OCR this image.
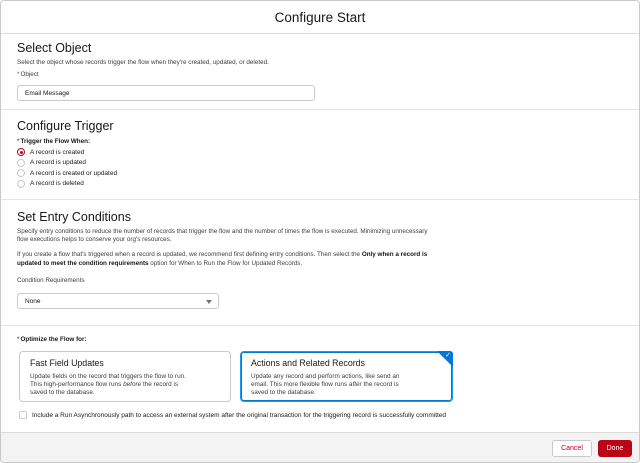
Configure Start
Select Object
Select the object whose records trigger the flow when they're created, updated, or deleted.
*Object
Email Message
Configure Trigger
*Trigger the Flow When:
A record is created
A record is updated
A record is created or updated
A record is deleted
Set Entry Conditions
Specify entry conditions to reduce the number of records that trigger the flow and the number of times the flow is executed. Minimizing unnecessary
flow executions helps to conserve your org's resources.
If you create a flow that's triggered when a record is updated, we recommend first defining entry conditions. Then select the Only when a record is
updated to meet the condition requirements option for When to Run the Flow for Updated Records.
Condition Requirements
None
*Optimize the Flow for:
Fast Field Updates
Update fields on the record that triggers the flow to run.
This high-performance flow runs before the record is
saved to the database.
✓
Actions and Related Records
Update any record and perform actions, like send an
email. This more flexible flow runs after the record is
saved to the database.
Include a Run Asynchronously path to access an external system after the original transaction for the triggering record is successfully committed
Cancel	Done
